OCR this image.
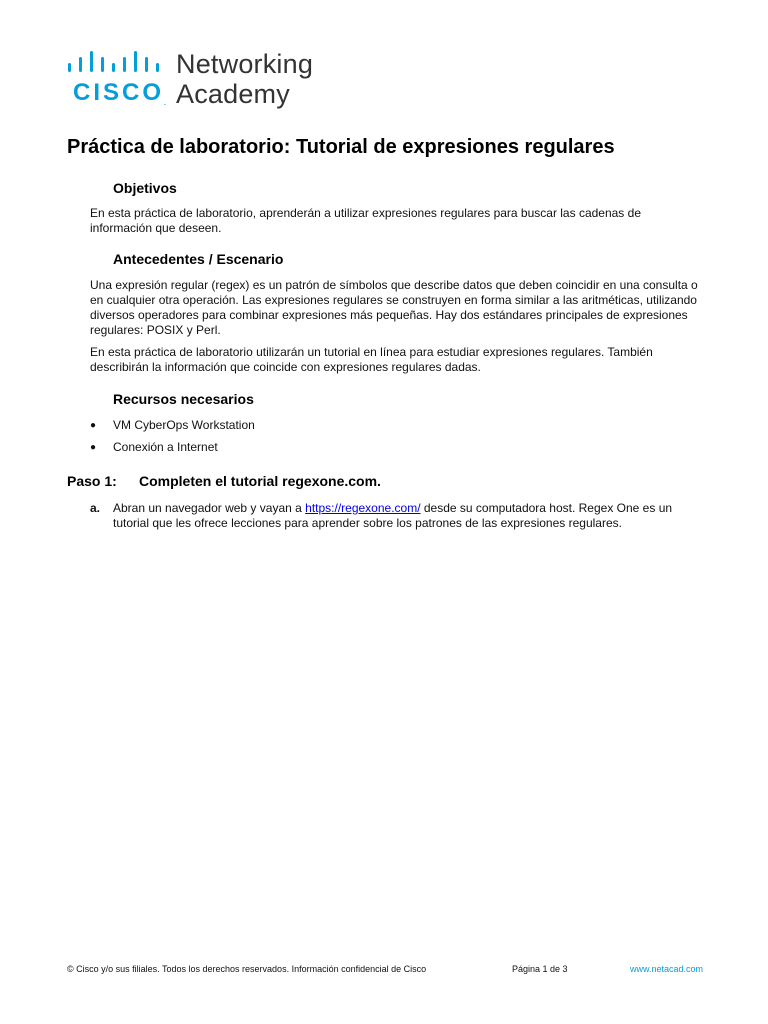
CISCO.
Networking
Academy
Práctica de laboratorio: Tutorial de expresiones regulares
Objetivos

En esta práctica de laboratorio, aprenderán a utilizar expresiones regulares para buscar las cadenas de información que deseen.

Antecedentes / Escenario

Una expresión regular (regex) es un patrón de símbolos que describe datos que deben coincidir en una consulta o en cualquier otra operación. Las expresiones regulares se construyen en forma similar a las aritméticas, utilizando diversos operadores para combinar expresiones más pequeñas. Hay dos estándares principales de expresiones regulares: POSIX y Perl.

En esta práctica de laboratorio utilizarán un tutorial en línea para estudiar expresiones regulares. También describirán la información que coincide con expresiones regulares dadas.

Recursos necesarios
●	VM CyberOps Workstation
●	Conexión a Internet
Paso 1:	Completen el tutorial regexone.com.
a.	Abran un navegador web y vayan a https://regexone.com/ desde su computadora host. Regex One es un tutorial que les ofrece lecciones para aprender sobre los patrones de las expresiones regulares.
© Cisco y/o sus filiales. Todos los derechos reservados. Información confidencial de Cisco	Página 1 de 3	www.netacad.com
